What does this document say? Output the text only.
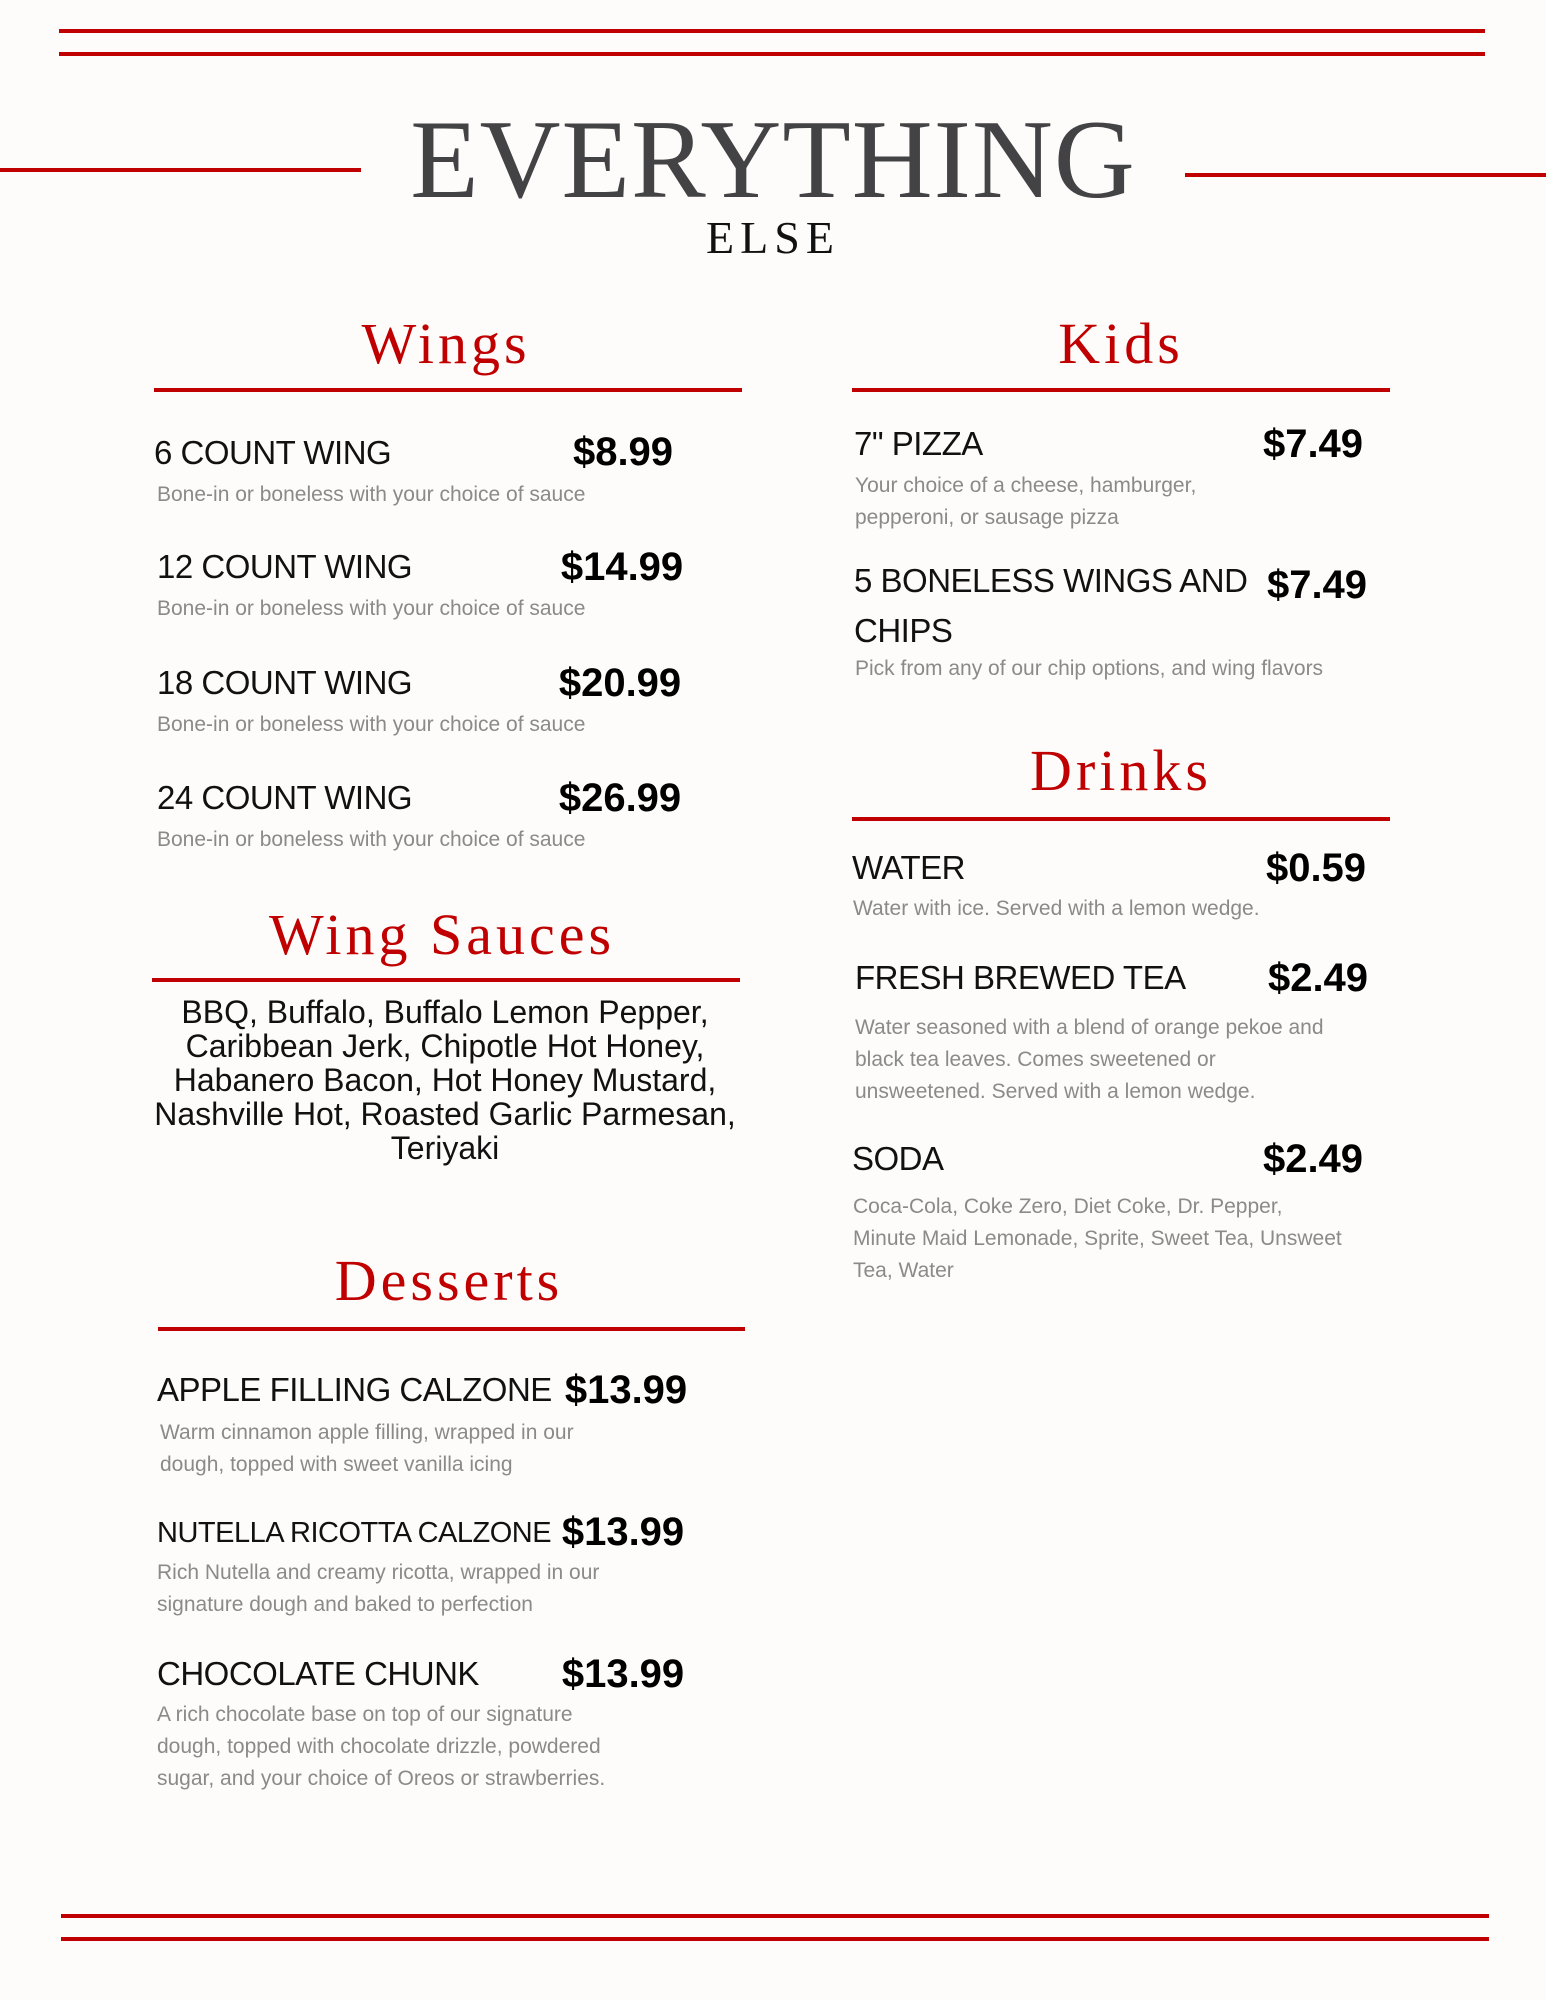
EVERYTHING
ELSE
Wings
6 COUNT WING	$8.99
Bone-in or boneless with your choice of sauce
12 COUNT WING	$14.99
Bone-in or boneless with your choice of sauce
18 COUNT WING	$20.99
Bone-in or boneless with your choice of sauce
24 COUNT WING	$26.99
Bone-in or boneless with your choice of sauce
Wing Sauces
BBQ, Buffalo, Buffalo Lemon Pepper, Caribbean Jerk, Chipotle Hot Honey, Habanero Bacon, Hot Honey Mustard, Nashville Hot, Roasted Garlic Parmesan, Teriyaki
Desserts
APPLE FILLING CALZONE $13.99
Warm cinnamon apple filling, wrapped in our dough, topped with sweet vanilla icing
NUTELLA RICOTTA CALZONE $13.99
Rich Nutella and creamy ricotta, wrapped in our signature dough and baked to perfection
CHOCOLATE CHUNK $13.99
A rich chocolate base on top of our signature dough, topped with chocolate drizzle, powdered sugar, and your choice of Oreos or strawberries.
Kids
7" PIZZA	$7.49
Your choice of a cheese, hamburger, pepperoni, or sausage pizza
5 BONELESS WINGS AND CHIPS
$7.49
Pick from any of our chip options, and wing flavors
Drinks
WATER	$0.59
Water with ice. Served with a lemon wedge.
FRESH BREWED TEA $2.49
Water seasoned with a blend of orange pekoe and black tea leaves. Comes sweetened or unsweetened. Served with a lemon wedge.
SODA	$2.49
Coca-Cola, Coke Zero, Diet Coke, Dr. Pepper, Minute Maid Lemonade, Sprite, Sweet Tea, Unsweet Tea, Water
